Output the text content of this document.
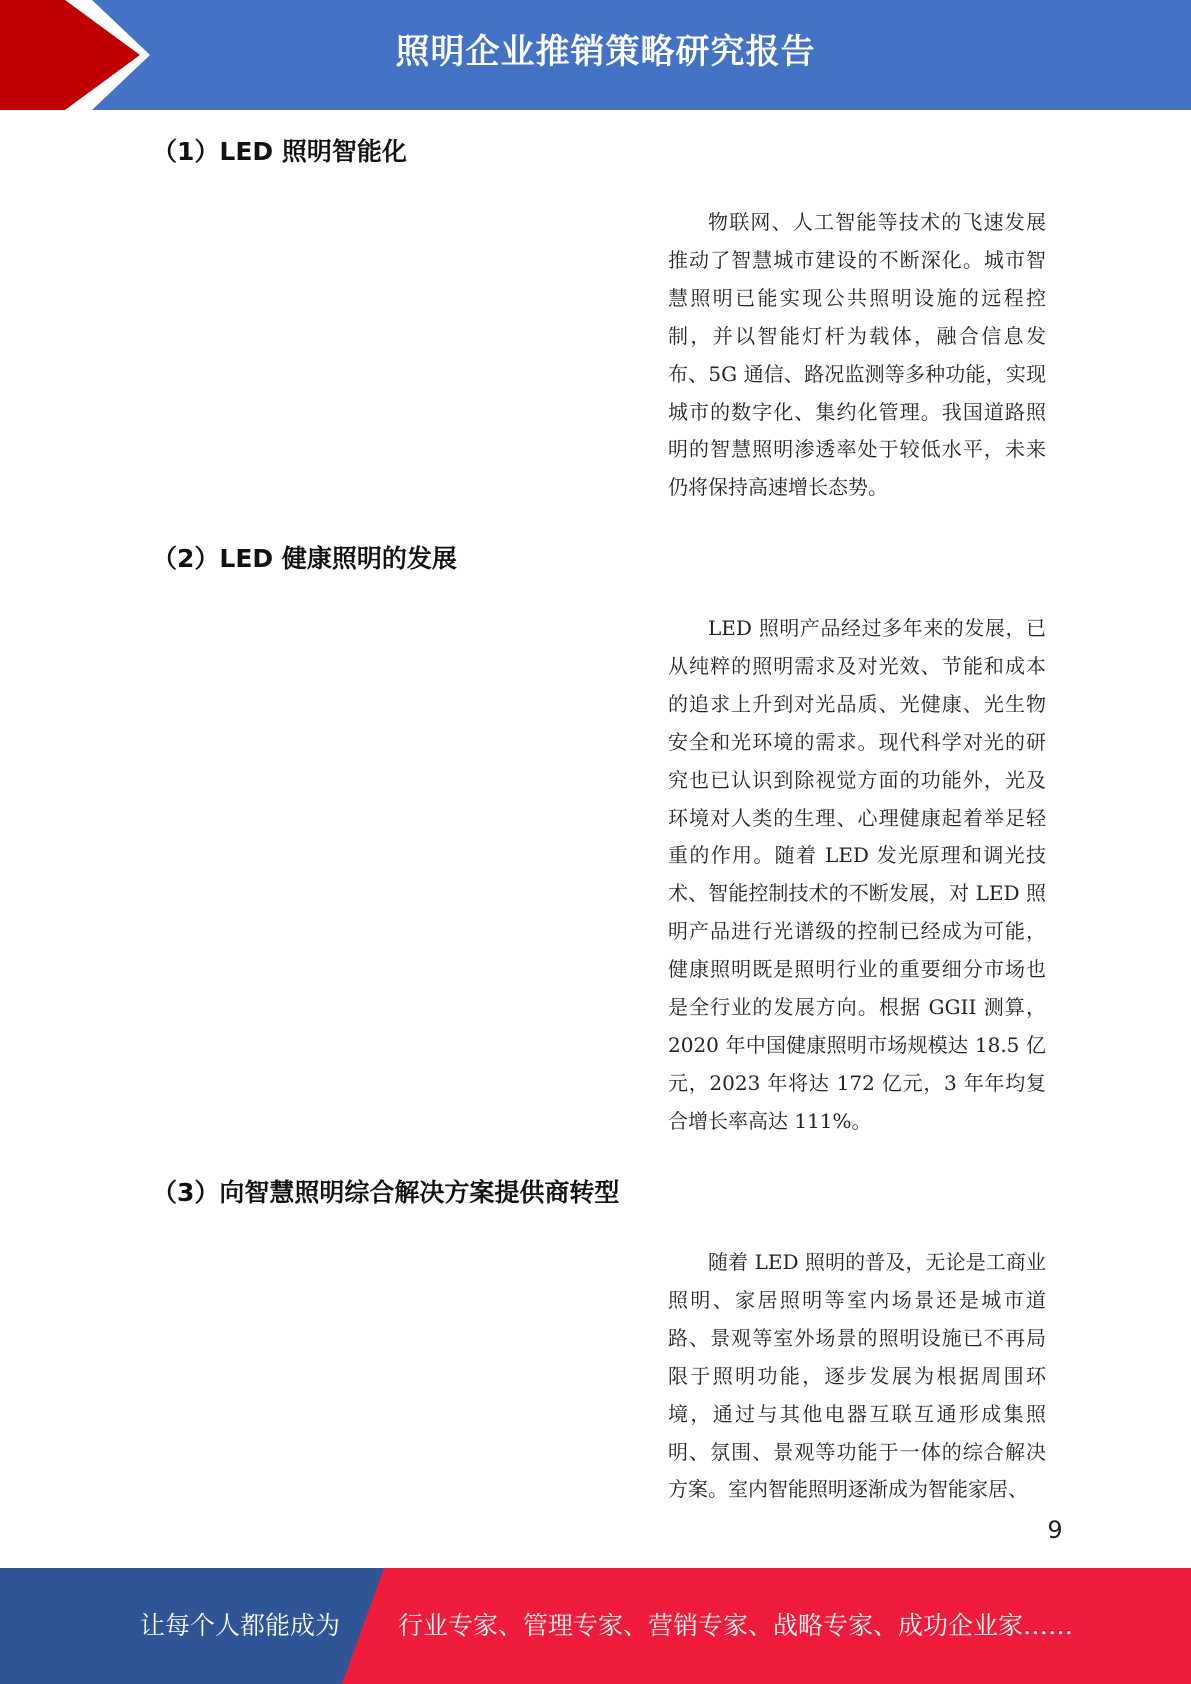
照明企业推销策略研究报告
（1）LED 照明智能化

物联网、人工智能等技术的飞速发展推动了智慧城市建设的不断深化。城市智慧照明已能实现公共照明设施的远程控制，并以智能灯杆为载体，融合信息发布、5G 通信、路况监测等多种功能，实现城市的数字化、集约化管理。我国道路照明的智慧照明渗透率处于较低水平，未来仍将保持高速增长态势。

（2）LED 健康照明的发展

LED 照明产品经过多年来的发展，已从纯粹的照明需求及对光效、节能和成本的追求上升到对光品质、光健康、光生物安全和光环境的需求。现代科学对光的研究也已认识到除视觉方面的功能外，光及环境对人类的生理、心理健康起着举足轻重的作用。随着 LED 发光原理和调光技术、智能控制技术的不断发展，对 LED 照明产品进行光谱级的控制已经成为可能，健康照明既是照明行业的重要细分市场也是全行业的发展方向。根据 GGII 测算，2020 年中国健康照明市场规模达 18.5 亿元，2023 年将达 172 亿元，3 年年均复合增长率高达 111%。

（3）向智慧照明综合解决方案提供商转型

随着 LED 照明的普及，无论是工商业照明、家居照明等室内场景还是城市道路、景观等室外场景的照明设施已不再局限于照明功能，逐步发展为根据周围环境，通过与其他电器互联互通形成集照明、氛围、景观等功能于一体的综合解决方案。室内智能照明逐渐成为智能家居、

9
让每个人都能成为 行业专家、管理专家、营销专家、战略专家、成功企业家……
